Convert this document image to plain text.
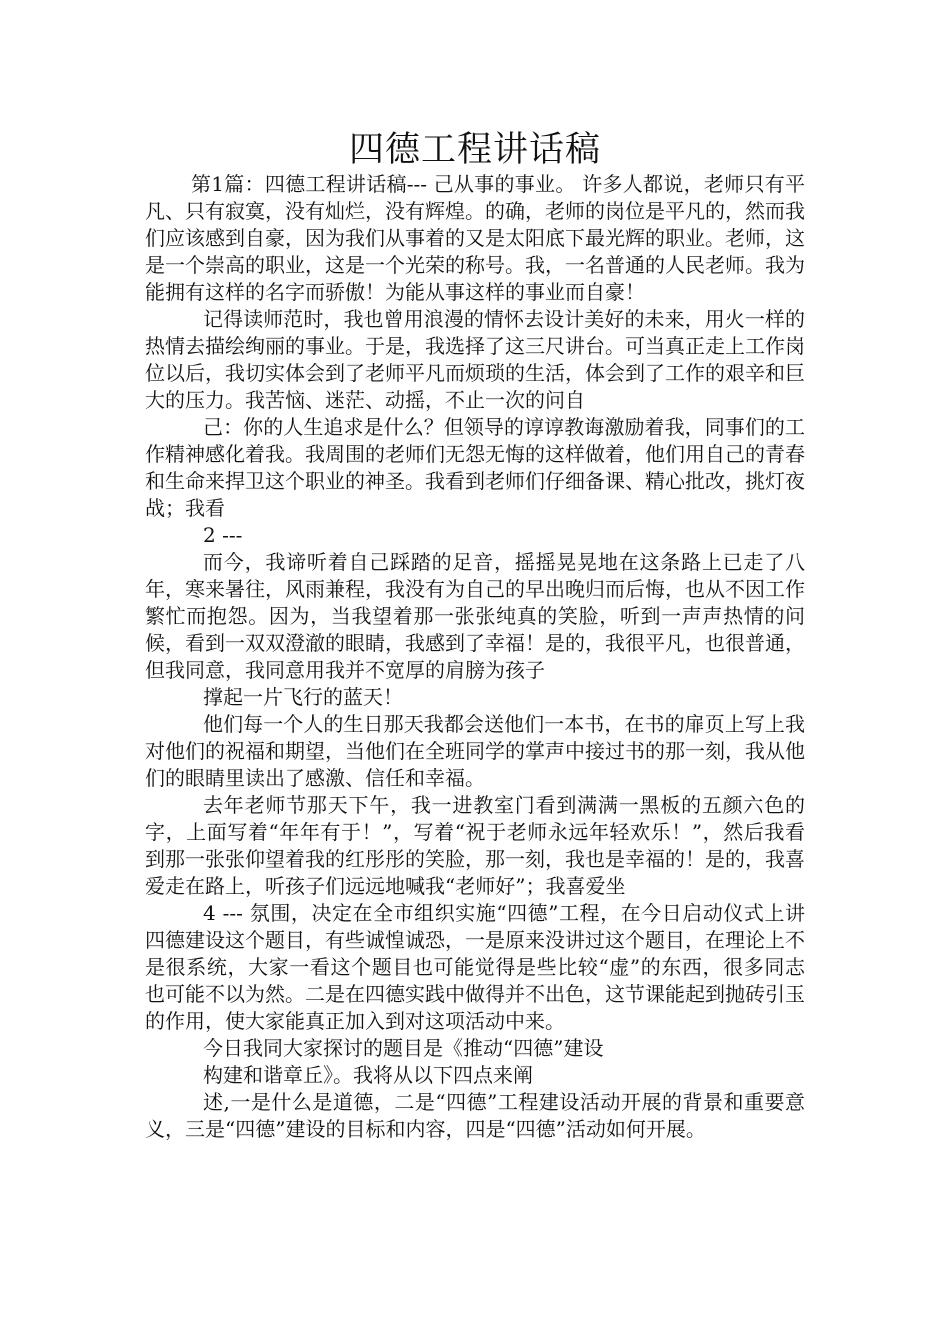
四德工程讲话稿

第1篇：四德工程讲话稿--- 己从事的事业。 许多人都说，老师只有平凡、只有寂寞，没有灿烂，没有辉煌。的确，老师的岗位是平凡的，然而我们应该感到自豪，因为我们从事着的又是太阳底下最光辉的职业。老师，这是一个崇高的职业，这是一个光荣的称号。我，一名普通的人民老师。我为能拥有这样的名字而骄傲！为能从事这样的事业而自豪！

记得读师范时，我也曾用浪漫的情怀去设计美好的未来，用火一样的热情去描绘绚丽的事业。于是，我选择了这三尺讲台。可当真正走上工作岗位以后，我切实体会到了老师平凡而烦琐的生活，体会到了工作的艰辛和巨大的压力。我苦恼、迷茫、动摇，不止一次的问自

己：你的人生追求是什么？但领导的谆谆教诲激励着我，同事们的工作精神感化着我。我周围的老师们无怨无悔的这样做着，他们用自己的青春和生命来捍卫这个职业的神圣。我看到老师们仔细备课、精心批改，挑灯夜战；我看

2 ---

而今，我谛听着自己踩踏的足音，摇摇晃晃地在这条路上已走了八年，寒来暑往，风雨兼程，我没有为自己的早出晚归而后悔，也从不因工作繁忙而抱怨。因为，当我望着那一张张纯真的笑脸，听到一声声热情的问候，看到一双双澄澈的眼睛，我感到了幸福！是的，我很平凡，也很普通，但我同意，我同意用我并不宽厚的肩膀为孩子

撑起一片飞行的蓝天！

他们每一个人的生日那天我都会送他们一本书，在书的扉页上写上我对他们的祝福和期望，当他们在全班同学的掌声中接过书的那一刻，我从他们的眼睛里读出了感激、信任和幸福。

去年老师节那天下午，我一进教室门看到满满一黑板的五颜六色的字，上面写着“年年有于！”，写着“祝于老师永远年轻欢乐！”，然后我看到那一张张仰望着我的红彤彤的笑脸，那一刻，我也是幸福的！是的，我喜爱走在路上，听孩子们远远地喊我“老师好”；我喜爱坐

4 --- 氛围，决定在全市组织实施“四德”工程，在今日启动仪式上讲四德建设这个题目，有些诚惶诚恐，一是原来没讲过这个题目，在理论上不是很系统，大家一看这个题目也可能觉得是些比较“虚”的东西，很多同志也可能不以为然。二是在四德实践中做得并不出色，这节课能起到抛砖引玉的作用，使大家能真正加入到对这项活动中来。

今日我同大家探讨的题目是《推动“四德”建设

构建和谐章丘》。我将从以下四点来阐

述,一是什么是道德，二是“四德”工程建设活动开展的背景和重要意义，三是“四德”建设的目标和内容，四是“四德”活动如何开展。
